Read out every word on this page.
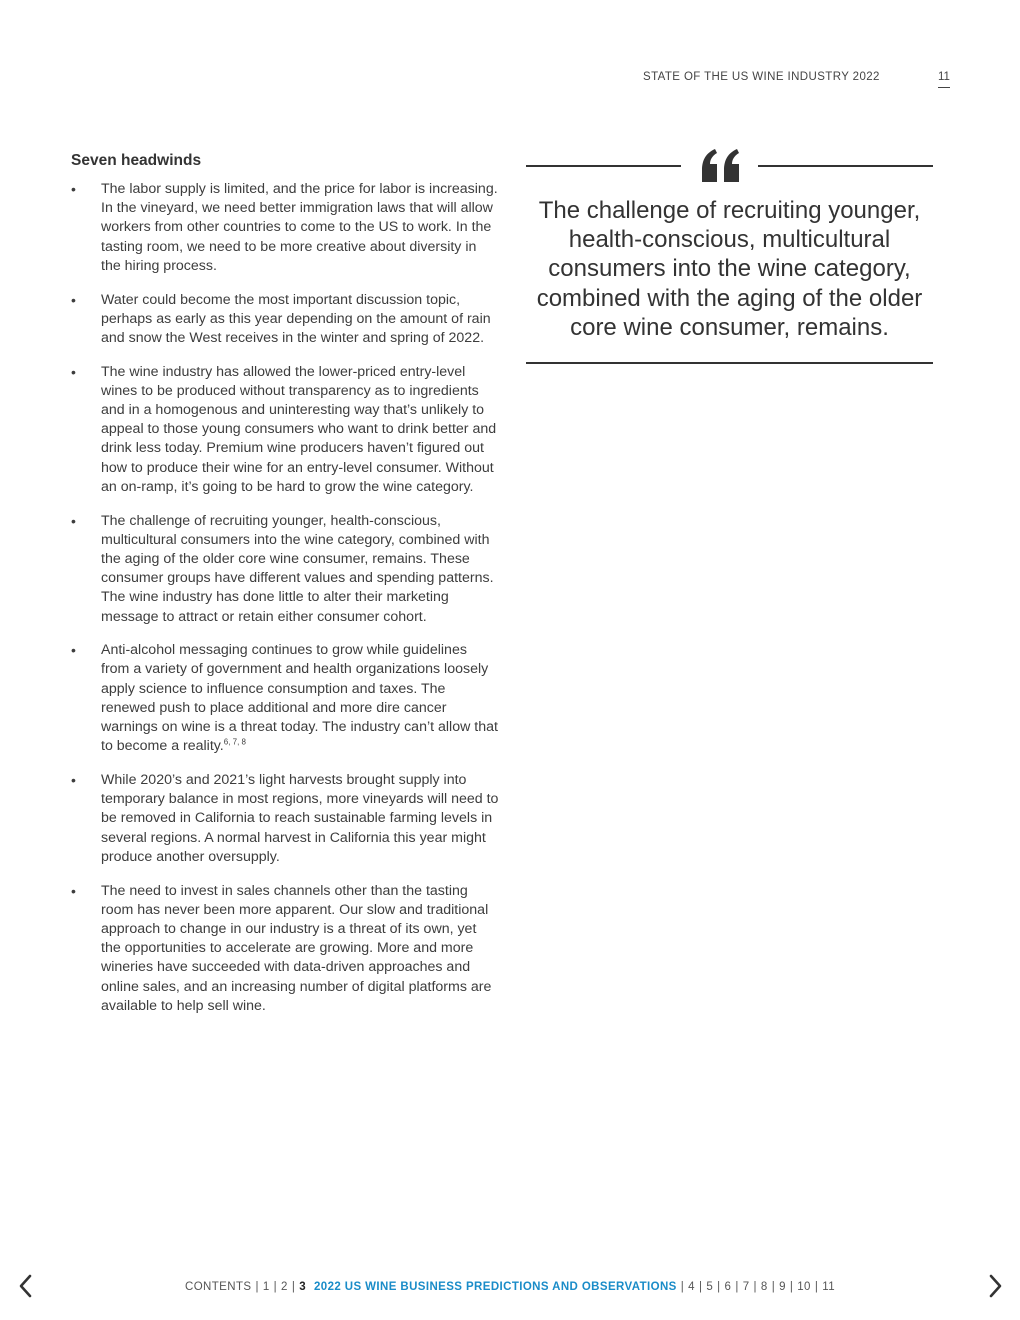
STATE OF THE US WINE INDUSTRY 2022	11
Seven headwinds
• The labor supply is limited, and the price for labor is increasing. In the vineyard, we need better immigration laws that will allow workers from other countries to come to the US to work. In the tasting room, we need to be more creative about diversity in the hiring process.
• Water could become the most important discussion topic, perhaps as early as this year depending on the amount of rain and snow the West receives in the winter and spring of 2022.
• The wine industry has allowed the lower-priced entry-level wines to be produced without transparency as to ingredients and in a homogenous and uninteresting way that’s unlikely to appeal to those young consumers who want to drink better and drink less today. Premium wine producers haven’t figured out how to produce their wine for an entry-level consumer. Without an on-ramp, it’s going to be hard to grow the wine category.
• The challenge of recruiting younger, health-conscious, multicultural consumers into the wine category, combined with the aging of the older core wine consumer, remains. These consumer groups have different values and spending patterns. The wine industry has done little to alter their marketing message to attract or retain either consumer cohort.
• Anti-alcohol messaging continues to grow while guidelines from a variety of government and health organizations loosely apply science to influence consumption and taxes. The renewed push to place additional and more dire cancer warnings on wine is a threat today. The industry can’t allow that to become a reality.$^{6, 7, 8}$
• While 2020’s and 2021’s light harvests brought supply into temporary balance in most regions, more vineyards will need to be removed in California to reach sustainable farming levels in several regions. A normal harvest in California this year might produce another oversupply.
• The need to invest in sales channels other than the tasting room has never been more apparent. Our slow and traditional approach to change in our industry is a threat of its own, yet the opportunities to accelerate are growing. More and more wineries have succeeded with data-driven approaches and online sales, and an increasing number of digital platforms are available to help sell wine.

The challenge of recruiting younger, health-conscious, multicultural consumers into the wine category, combined with the aging of the older core wine consumer, remains.

CONTENTS | 1 | 2 | 3 2022 US WINE BUSINESS PREDICTIONS AND OBSERVATIONS | 4 | 5 | 6 | 7 | 8 | 9 | 10 | 11
